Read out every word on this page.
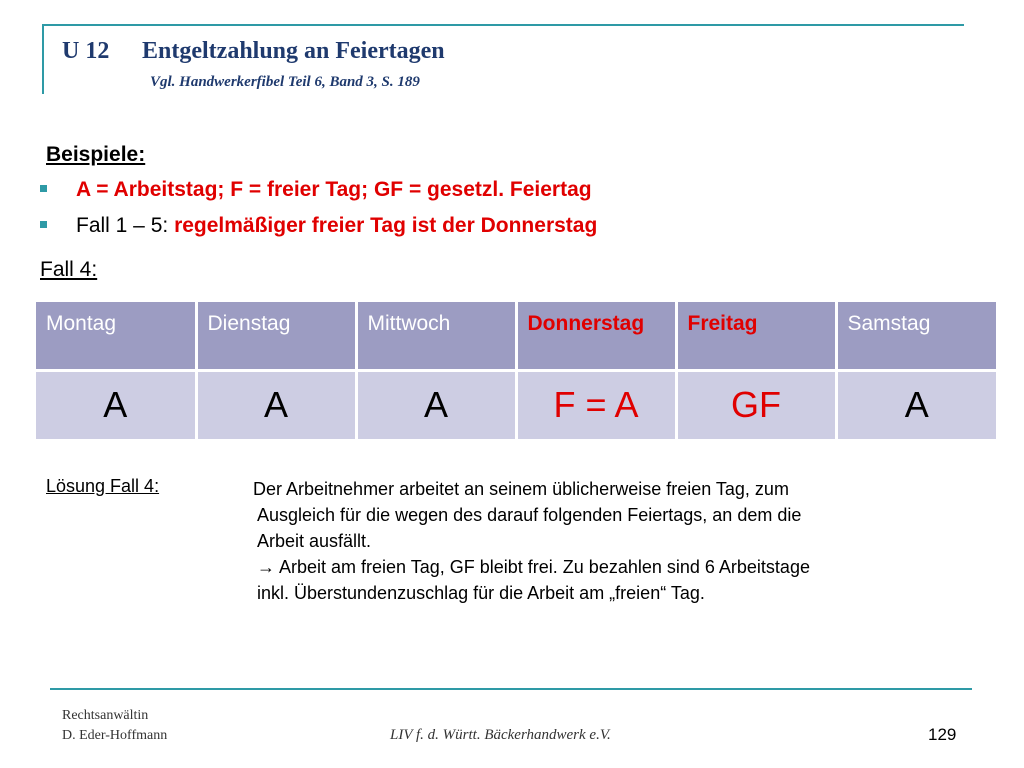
U 12 Entgeltzahlung an Feiertagen
Vgl. Handwerkerfibel Teil 6, Band 3, S. 189
Beispiele:
A = Arbeitstag; F = freier Tag; GF = gesetzl. Feiertag
Fall 1 – 5: regelmäßiger freier Tag ist der Donnerstag
Fall 4:
Montag	Dienstag	Mittwoch	Donnerstag	Freitag	Samstag
A	A	A	F = A	GF	A
Lösung Fall 4:	Der Arbeitnehmer arbeitet an seinem üblicherweise freien Tag, zum
Ausgleich für die wegen des darauf folgenden Feiertags, an dem die
Arbeit ausfällt.
→ Arbeit am freien Tag, GF bleibt frei. Zu bezahlen sind 6 Arbeitstage
inkl. Überstundenzuschlag für die Arbeit am „freien“ Tag.
Rechtsanwältin
D. Eder-Hoffmann	LIV f. d. Württ. Bäckerhandwerk e.V.	129
